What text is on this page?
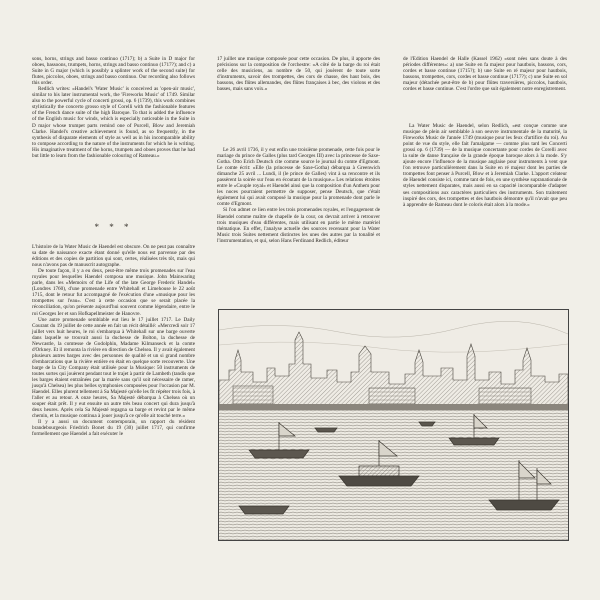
sons, horns, strings and basso continuo (1717); b) a Suite in D major for oboes, bassoons, trumpets, horns, strings and basso continuo (1717?); and c) a Suite in G major (which is possibly a splinter work of the second suite) for flutes, piccolos, oboes, strings and basso continuo. Our recording also follows this order.

Redlich writes: «Handel's 'Water Music' is conceived as 'open-air music', similar to his later instrumental work, the 'Fireworks Music' of 1749. Similar also to the powerful cycle of concerti grossi, op. 6 (1739), this work combines stylistically the concerto grosso style of Corelli with the fashionable features of the French dance suite of the high Baroque. To that is added the influence of the English music for winds, which is especially noticeable in the Suite in D major whose trumpet parts remind one of Purcell, Blow and Jeremiah Clarke. Handel's creative achievement is found, as so frequently, in the synthesis of disparate elements of style as well as in his incomparable ability to compose according to the nature of the instruments for which he is writing. His imaginative treatment of the horns, trumpets and oboes proves that he had but little to learn from the fashionable colouring of Rameau.»

* * *

L'histoire de la Water Music de Haendel est obscure. On ne peut pas connaître sa date de naissance exacte étant donné qu'elle nous est parvenue par des éditions et des copies de partition qui sont, certes, réalisées très tôt, mais qui nous n'avons pas de manuscrit autographe.

De toute façon, il y a eu deux, peut-être même trois promenades sur l'eau royales pour lesquelles Haendel composa une musique. John Mainwaring parle, dans les «Memoirs of the Life of the late George Frederic Handel» (Londres 1760), d'une promenade entre Whitehall et Limehouse le 22 août 1715, dont le retour fut accompagné de l'exécution d'une «musique pour les trompettes sur l'eau». C'est à cette occasion que se serait placée la réconciliation, qu'on présente aujourd'hui souvent comme légendaire, entre le roi Georges Ier et son Hofkapellmeister de Hanovre.

Une autre promenade semblable eut lieu le 17 juillet 1717. Le Daily Courant du 19 juillet de cette année en fait un récit détaillé: «Mercredi soir 17 juillet vers huit heures, le roi s'embarqua à Whitehall sur une barge ouverte dans laquelle se trouvait aussi la duchesse de Bolton, la duchesse de Newcastle, la comtesse de Godolphin, Madame Kilmanseck et la comte d'Orkney. Et il remonta la rivière en direction de Chelsea. Il y avait également plusieurs autres barges avec des personnes de qualité et un si grand nombre d'embarcations que la rivière entière en était en quelque sorte recouverte. Une barge de la City Company était utilisée pour la Musique: 50 instruments de toutes sortes qui jouèrent pendant tout le trajet à partir de Lambeth (tandis que les barges étaient entraînées par la marée sans qu'il soit nécessaire de ramer, jusqu'à Chelsea) les plus belles symphonies composées pour l'occasion par M. Haendel. Elles plurent tellement à Sa Majesté qu'elle les fit répéter trois fois, à l'aller et au retour. A onze heures, Sa Majesté débarqua à Chelsea où un souper était prêt. Il y eut ensuite un autre très beau concert qui dura jusqu'à deux heures. Après cela Sa Majesté regagna sa barge et revint par le même chemin, et la musique continua à jouer jusqu'à ce qu'elle ait touché terre.»

Il y a aussi un document contemporain, un rapport du résident brandebourgeois Friedrich Bonet du 19 (30) juillet 1717, qui confirme formellement que Haendel a fait exécuter le

17 juillet une musique composée pour cette occasion. De plus, il apporte des précisions sur la composition de l'orchestre: «A côté de la barge du roi était celle des musiciens, au nombre de 50, qui jouèrent de toute sorte d'instruments, savoir des trompettes, des cors de chasse, des haut bois, des bassons, des flûtes allemandes, des flûtes françaises à bec, des violons et des basses, mais sans voix.»

Le 26 avril 1736, il y eut enfin une troisième promenade, cette fois pour le mariage du prince de Galles (plus tard Georges III) avec la princesse de Saxe-Gotha. Otto Erich Deutsch cite comme source le journal du comte d'Egmont. Le comte écrit: «Elle (la princesse de Saxe-Gotha) débarqua à Greenwich dimanche 25 avril ... Lundi, il (le prince de Galles) vint à sa rencontre et ils passèrent la soirée sur l'eau en écoutant de la musique.» Les relations étroites entre le «Couple royal» et Haendel ainsi que la composition d'un Anthem pour les noces pourraient permettre de supposer, pense Deutsch, que c'était également lui qui avait composé la musique pour la promenade dont parle le comte d'Egmont.

Si l'on admet ce lien entre les trois promenades royales, et l'engagement de Haendel comme maître de chapelle de la cour, on devrait arriver à retrouver trois musiques d'eau différentes, mais utilisant en partie le même matériel thématique. En effet, l'analyse actuelle des sources recensant pour la Water Music trois Suites nettement distinctes les unes des autres par la tonalité et l'instrumentation, et qui, selon Hans Ferdinand Redlich, éditeur

de l'Edition Haendel de Halle (Kassel 1962) «sont nées sans doute à des périodes différentes»: a) une Suite en fa majeur pour hautbois, bassons, cors, cordes et basse continue (1715?); b) une Suite en ré majeur pour hautbois, bassons, trompettes, cors, cordes et basse continue (1717?); c) une Suite en sol majeur (détachée peut-être de b) pour flûtes traversières, piccolos, hautbois, cordes et basse continue. C'est l'ordre que suit également notre enregistrement.

La Water Music de Haendel, selon Redlich, «est conçue comme une musique de plein air semblable à son oeuvre instrumentale de la maturité, la Fireworks Music de l'année 1749 (musique pour les feux d'artifice du roi). Au point de vue du style, elle fait l'amalgame — comme plus tard les Concerti grossi op. 6 (1739) — de la musique concertante pour cordes de Corelli avec la suite de danse française de la grande époque baroque alors à la mode. S'y ajoute encore l'influence de la musique anglaise pour instruments à vent que l'on retrouve particulièrement dans la Suite en ré majeur dont les parties de trompettes font penser à Purcell, Blow et à Jeremiah Clarke. L'apport créateur de Haendel consiste ici, comme tant de fois, en une synthèse supranationale de styles nettement disparates, mais aussi en sa capacité incomparable d'adapter ses compositions aux caractères particuliers des instruments. Son traitement inspiré des cors, des trompettes et des hautbois démontre qu'il n'avait que peu à apprendre de Rameau dont le coloris était alors à la mode.»
